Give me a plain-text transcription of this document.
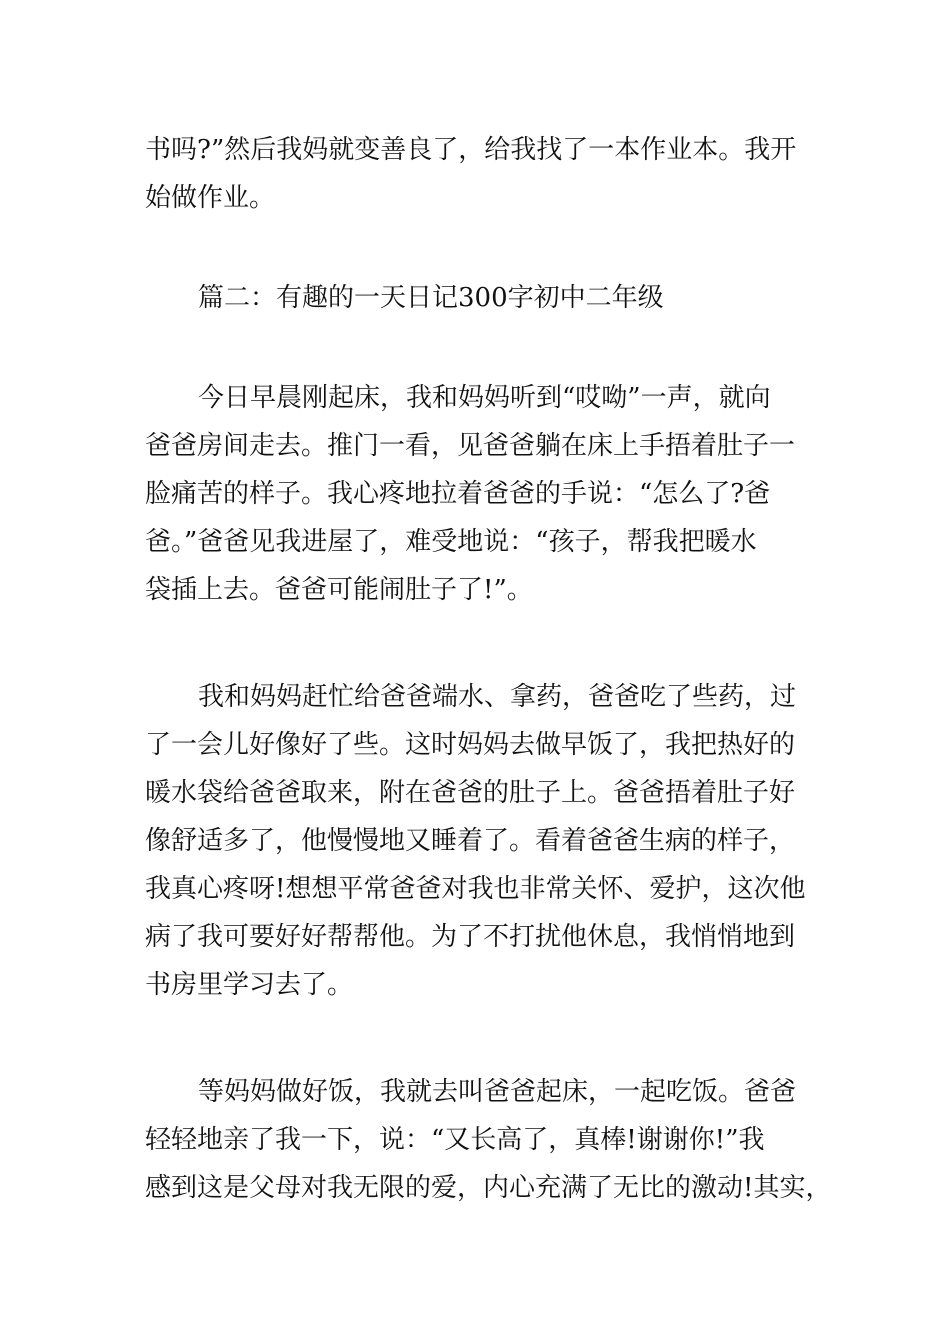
书吗?”然后我妈就变善良了，给我找了一本作业本。我开
始做作业。
篇二：有趣的一天日记300字初中二年级
今日早晨刚起床，我和妈妈听到“哎呦”一声，就向
爸爸房间走去。推门一看，见爸爸躺在床上手捂着肚子一
脸痛苦的样子。我心疼地拉着爸爸的手说：“怎么了?爸
爸。”爸爸见我进屋了，难受地说：“孩子，帮我把暖水
袋插上去。爸爸可能闹肚子了!”。
我和妈妈赶忙给爸爸端水、拿药，爸爸吃了些药，过
了一会儿好像好了些。这时妈妈去做早饭了，我把热好的
暖水袋给爸爸取来，附在爸爸的肚子上。爸爸捂着肚子好
像舒适多了，他慢慢地又睡着了。看着爸爸生病的样子，
我真心疼呀!想想平常爸爸对我也非常关怀、爱护，这次他
病了我可要好好帮帮他。为了不打扰他休息，我悄悄地到
书房里学习去了。
等妈妈做好饭，我就去叫爸爸起床，一起吃饭。爸爸
轻轻地亲了我一下，说：“又长高了，真棒!谢谢你!”我
感到这是父母对我无限的爱，内心充满了无比的激动!其实，
